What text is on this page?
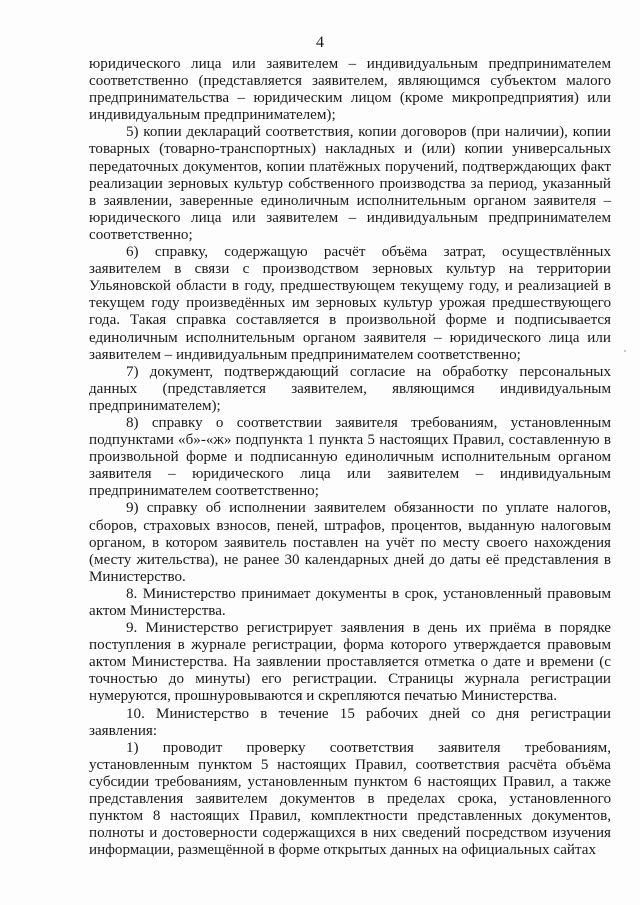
4

юридического лица или заявителем – индивидуальным предпринимателем соответственно (представляется заявителем, являющимся субъектом малого предпринимательства – юридическим лицом (кроме микропредприятия) или индивидуальным предпринимателем);

5) копии деклараций соответствия, копии договоров (при наличии), копии товарных (товарно-транспортных) накладных и (или) копии универсальных передаточных документов, копии платёжных поручений, подтверждающих факт реализации зерновых культур собственного производства за период, указанный в заявлении, заверенные единоличным исполнительным органом заявителя – юридического лица или заявителем – индивидуальным предпринимателем соответственно;

6) справку, содержащую расчёт объёма затрат, осуществлённых заявителем в связи с производством зерновых культур на территории Ульяновской области в году, предшествующем текущему году, и реализацией в текущем году произведённых им зерновых культур урожая предшествующего года. Такая справка составляется в произвольной форме и подписывается единоличным исполнительным органом заявителя – юридического лица или заявителем – индивидуальным предпринимателем соответственно;

7) документ, подтверждающий согласие на обработку персональных данных (представляется заявителем, являющимся индивидуальным предпринимателем);

8) справку о соответствии заявителя требованиям, установленным подпунктами «б»-«ж» подпункта 1 пункта 5 настоящих Правил, составленную в произвольной форме и подписанную единоличным исполнительным органом заявителя – юридического лица или заявителем – индивидуальным предпринимателем соответственно;

9) справку об исполнении заявителем обязанности по уплате налогов, сборов, страховых взносов, пеней, штрафов, процентов, выданную налоговым органом, в котором заявитель поставлен на учёт по месту своего нахождения (месту жительства), не ранее 30 календарных дней до даты её представления в Министерство.

8. Министерство принимает документы в срок, установленный правовым актом Министерства.

9. Министерство регистрирует заявления в день их приёма в порядке поступления в журнале регистрации, форма которого утверждается правовым актом Министерства. На заявлении проставляется отметка о дате и времени (с точностью до минуты) его регистрации. Страницы журнала регистрации нумеруются, прошнуровываются и скрепляются печатью Министерства.

10. Министерство в течение 15 рабочих дней со дня регистрации заявления:

1) проводит проверку соответствия заявителя требованиям, установленным пунктом 5 настоящих Правил, соответствия расчёта объёма субсидии требованиям, установленным пунктом 6 настоящих Правил, а также представления заявителем документов в пределах срока, установленного пунктом 8 настоящих Правил, комплектности представленных документов, полноты и достоверности содержащихся в них сведений посредством изучения информации, размещённой в форме открытых данных на официальных сайтах
